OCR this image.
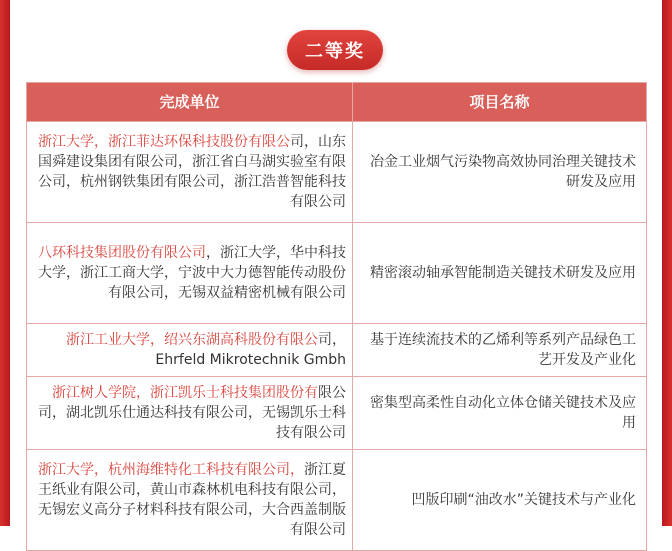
二等奖
完成单位	项目名称
浙江大学，浙江菲达环保科技股份有限公司，山东国舜建设集团有限公司，浙江省白马湖实验室有限公司，杭州钢铁集团有限公司，浙江浩普智能科技有限公司	冶金工业烟气污染物高效协同治理关键技术研发及应用
八环科技集团股份有限公司，浙江大学，华中科技大学，浙江工商大学，宁波中大力德智能传动股份有限公司，无锡双益精密机械有限公司	精密滚动轴承智能制造关键技术研发及应用
浙江工业大学，绍兴东湖高科股份有限公司，Ehrfeld Mikrotechnik Gmbh	基于连续流技术的乙烯利等系列产品绿色工艺开发及产业化
浙江树人学院，浙江凯乐士科技集团股份有限公司，湖北凯乐仕通达科技有限公司，无锡凯乐士科技有限公司	密集型高柔性自动化立体仓储关键技术及应用
浙江大学，杭州海维特化工科技有限公司，浙江夏王纸业有限公司，黄山市森林机电科技有限公司，无锡宏义高分子材料科技有限公司，大合西盖制版有限公司	凹版印刷“油改水”关键技术与产业化
